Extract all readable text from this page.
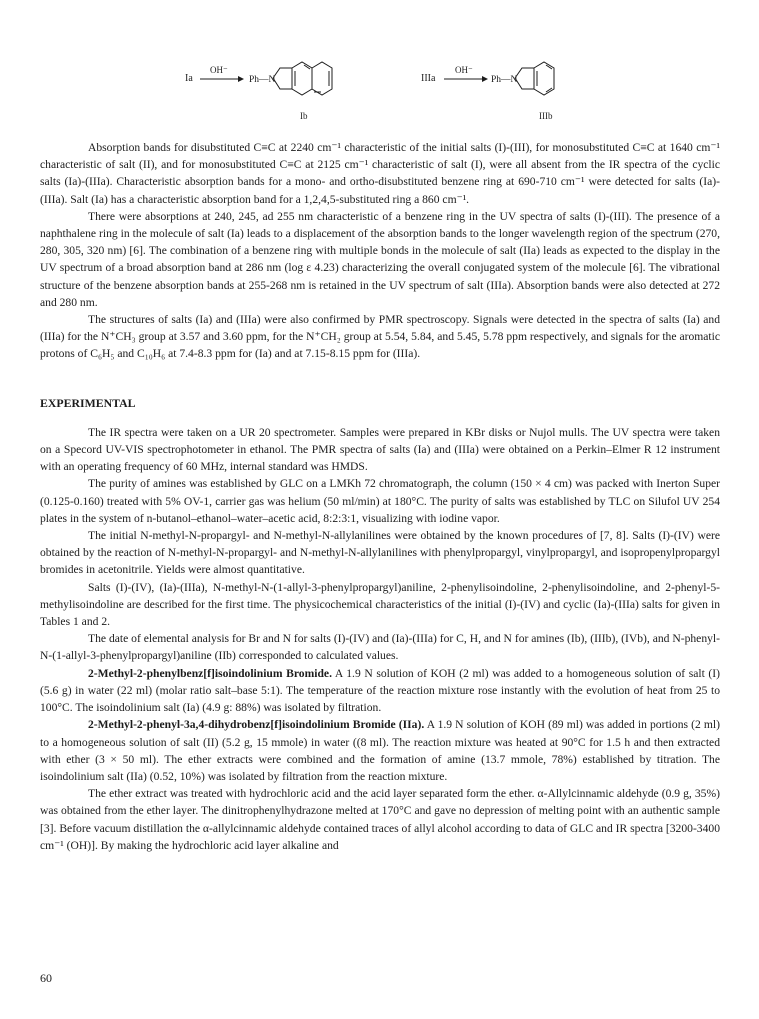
Ia
OH⁻
Ph—N
Ib
IIIa
OH⁻
Ph—N
IIIb

Absorption bands for disubstituted C≡C at 2240 cm⁻¹ characteristic of the initial salts (I)-(III), for monosubstituted C≡C at 1640 cm⁻¹ characteristic of salt (II), and for monosubstituted C≡C at 2125 cm⁻¹ characteristic of salt (I), were all absent from the IR spectra of the cyclic salts (Ia)-(IIIa). Characteristic absorption bands for a mono- and ortho-disubstituted benzene ring at 690-710 cm⁻¹ were detected for salts (Ia)-(IIIa). Salt (Ia) has a characteristic absorption band for a 1,2,4,5-substituted ring a 860 cm⁻¹.

There were absorptions at 240, 245, ad 255 nm characteristic of a benzene ring in the UV spectra of salts (I)-(III). The presence of a naphthalene ring in the molecule of salt (Ia) leads to a displacement of the absorption bands to the longer wavelength region of the spectrum (270, 280, 305, 320 nm) [6]. The combination of a benzene ring with multiple bonds in the molecule of salt (IIa) leads as expected to the display in the UV spectrum of a broad absorption band at 286 nm (log ε 4.23) characterizing the overall conjugated system of the molecule [6]. The vibrational structure of the benzene absorption bands at 255-268 nm is retained in the UV spectrum of salt (IIIa). Absorption bands were also detected at 272 and 280 nm.

The structures of salts (Ia) and (IIIa) were also confirmed by PMR spectroscopy. Signals were detected in the spectra of salts (Ia) and (IIIa) for the N⁺CH₃ group at 3.57 and 3.60 ppm, for the N⁺CH₂ group at 5.54, 5.84, and 5.45, 5.78 ppm respectively, and signals for the aromatic protons of C₆H₅ and C₁₀H₆ at 7.4-8.3 ppm for (Ia) and at 7.15-8.15 ppm for (IIIa).

EXPERIMENTAL

The IR spectra were taken on a UR 20 spectrometer. Samples were prepared in KBr disks or Nujol mulls. The UV spectra were taken on a Specord UV-VIS spectrophotometer in ethanol. The PMR spectra of salts (Ia) and (IIIa) were obtained on a Perkin–Elmer R 12 instrument with an operating frequency of 60 MHz, internal standard was HMDS.

The purity of amines was established by GLC on a LMKh 72 chromatograph, the column (150 × 4 cm) was packed with Inerton Super (0.125-0.160) treated with 5% OV-1, carrier gas was helium (50 ml/min) at 180°C. The purity of salts was established by TLC on Silufol UV 254 plates in the system of n-butanol–ethanol–water–acetic acid, 8:2:3:1, visualizing with iodine vapor.

The initial N-methyl-N-propargyl- and N-methyl-N-allylanilines were obtained by the known procedures of [7, 8]. Salts (I)-(IV) were obtained by the reaction of N-methyl-N-propargyl- and N-methyl-N-allylanilines with phenylpropargyl, vinylpropargyl, and isopropenylpropargyl bromides in acetonitrile. Yields were almost quantitative.

Salts (I)-(IV), (Ia)-(IIIa), N-methyl-N-(1-allyl-3-phenylpropargyl)aniline, 2-phenylisoindoline, 2-phenylisoindoline, and 2-phenyl-5-methylisoindoline are described for the first time. The physicochemical characteristics of the initial (I)-(IV) and cyclic (Ia)-(IIIa) salts for given in Tables 1 and 2.

The date of elemental analysis for Br and N for salts (I)-(IV) and (Ia)-(IIIa) for C, H, and N for amines (Ib), (IIIb), (IVb), and N-phenyl-N-(1-allyl-3-phenylpropargyl)aniline (IIb) corresponded to calculated values.

2-Methyl-2-phenylbenz[f]isoindolinium Bromide. A 1.9 N solution of KOH (2 ml) was added to a homogeneous solution of salt (I) (5.6 g) in water (22 ml) (molar ratio salt–base 5:1). The temperature of the reaction mixture rose instantly with the evolution of heat from 25 to 100°C. The isoindolinium salt (Ia) (4.9 g: 88%) was isolated by filtration.

2-Methyl-2-phenyl-3a,4-dihydrobenz[f]isoindolinium Bromide (IIa). A 1.9 N solution of KOH (89 ml) was added in portions (2 ml) to a homogeneous solution of salt (II) (5.2 g, 15 mmole) in water ((8 ml). The reaction mixture was heated at 90°C for 1.5 h and then extracted with ether (3 × 50 ml). The ether extracts were combined and the formation of amine (13.7 mmole, 78%) established by titration. The isoindolinium salt (IIa) (0.52, 10%) was isolated by filtration from the reaction mixture.

The ether extract was treated with hydrochloric acid and the acid layer separated form the ether. α-Allylcinnamic aldehyde (0.9 g, 35%) was obtained from the ether layer. The dinitrophenylhydrazone melted at 170°C and gave no depression of melting point with an authentic sample [3]. Before vacuum distillation the α-allylcinnamic aldehyde contained traces of allyl alcohol according to data of GLC and IR spectra [3200-3400 cm⁻¹ (OH)]. By making the hydrochloric acid layer alkaline and

60
